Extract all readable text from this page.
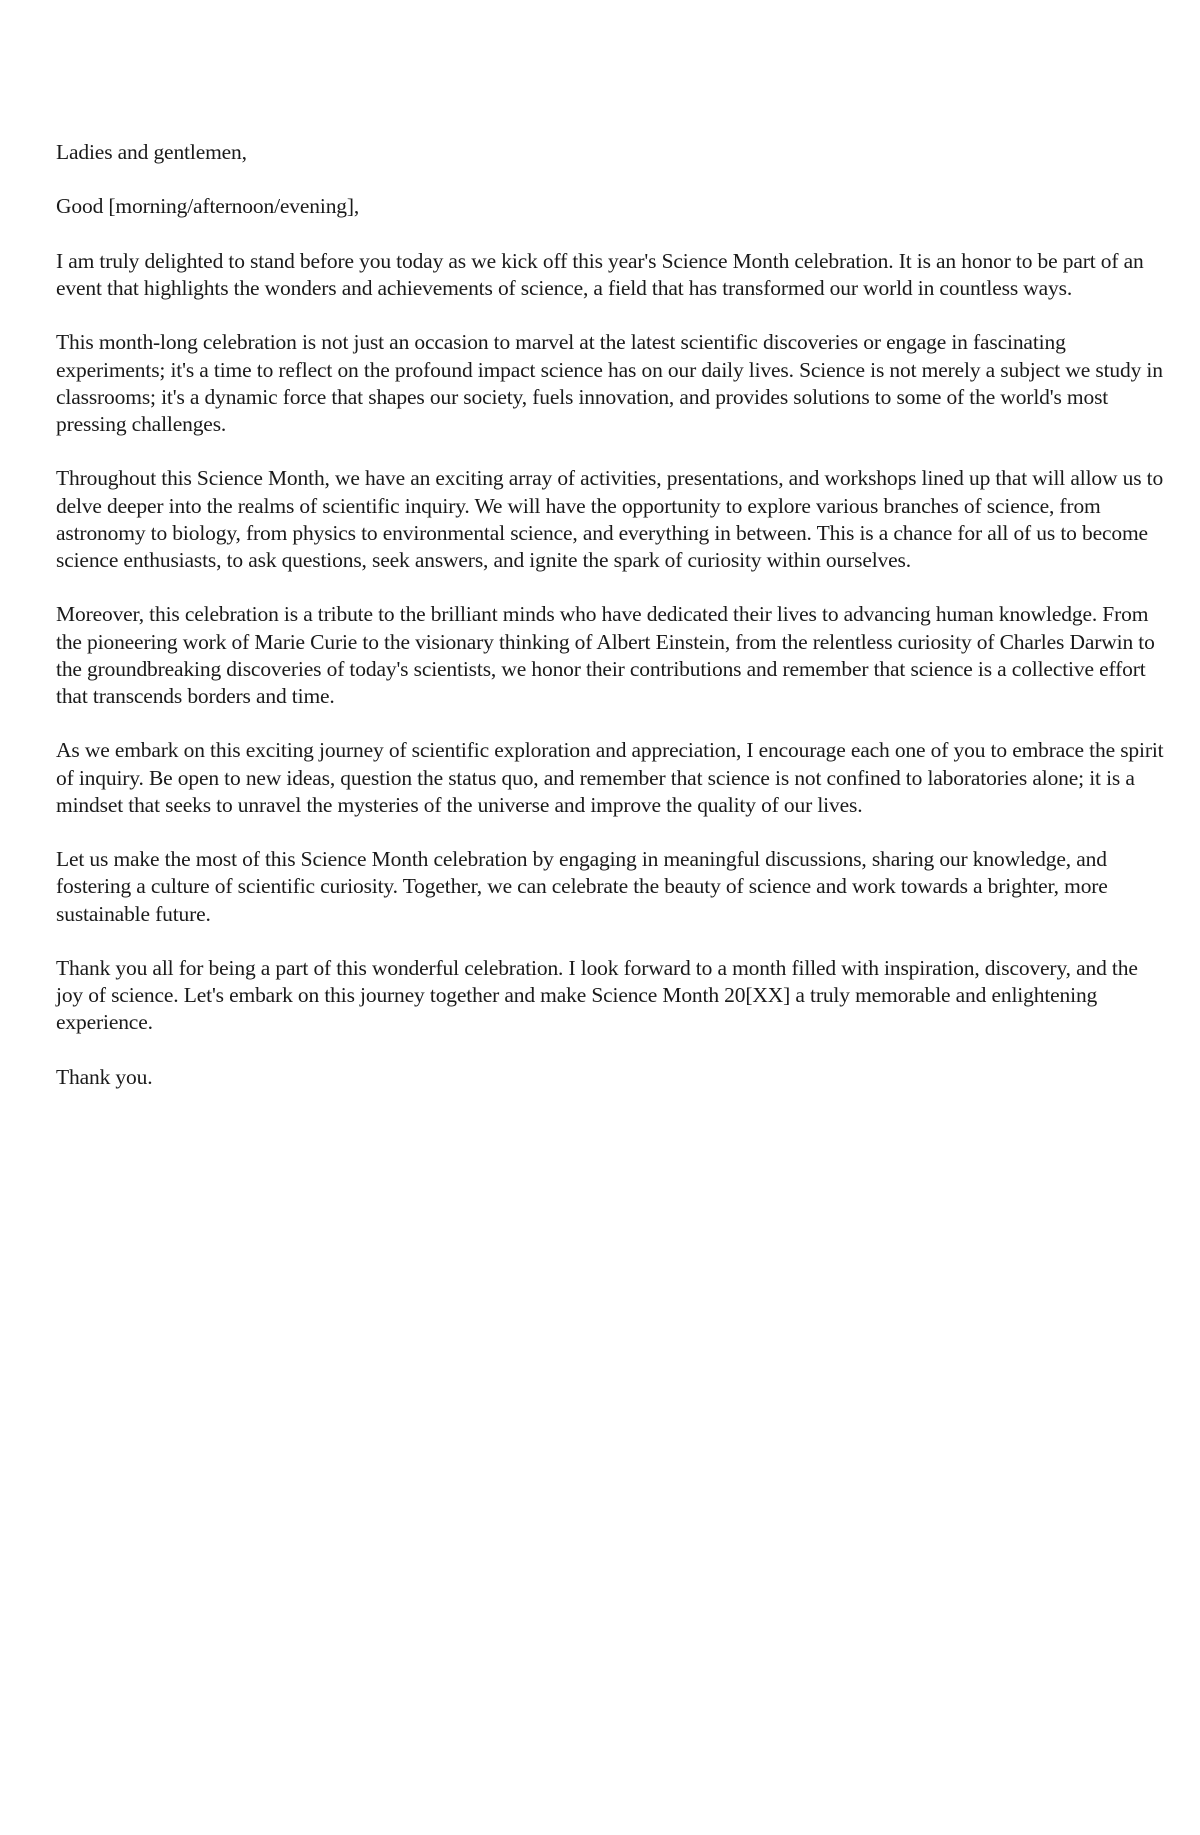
Ladies and gentlemen,

Good [morning/afternoon/evening],

I am truly delighted to stand before you today as we kick off this year's Science Month celebration. It is an honor to be part of an event that highlights the wonders and achievements of science, a field that has transformed our world in countless ways.

This month-long celebration is not just an occasion to marvel at the latest scientific discoveries or engage in fascinating experiments; it's a time to reflect on the profound impact science has on our daily lives. Science is not merely a subject we study in classrooms; it's a dynamic force that shapes our society, fuels innovation, and provides solutions to some of the world's most pressing challenges.

Throughout this Science Month, we have an exciting array of activities, presentations, and workshops lined up that will allow us to delve deeper into the realms of scientific inquiry. We will have the opportunity to explore various branches of science, from astronomy to biology, from physics to environmental science, and everything in between. This is a chance for all of us to become science enthusiasts, to ask questions, seek answers, and ignite the spark of curiosity within ourselves.

Moreover, this celebration is a tribute to the brilliant minds who have dedicated their lives to advancing human knowledge. From the pioneering work of Marie Curie to the visionary thinking of Albert Einstein, from the relentless curiosity of Charles Darwin to the groundbreaking discoveries of today's scientists, we honor their contributions and remember that science is a collective effort that transcends borders and time.

As we embark on this exciting journey of scientific exploration and appreciation, I encourage each one of you to embrace the spirit of inquiry. Be open to new ideas, question the status quo, and remember that science is not confined to laboratories alone; it is a mindset that seeks to unravel the mysteries of the universe and improve the quality of our lives.

Let us make the most of this Science Month celebration by engaging in meaningful discussions, sharing our knowledge, and fostering a culture of scientific curiosity. Together, we can celebrate the beauty of science and work towards a brighter, more sustainable future.

Thank you all for being a part of this wonderful celebration. I look forward to a month filled with inspiration, discovery, and the joy of science. Let's embark on this journey together and make Science Month 20[XX] a truly memorable and enlightening experience.

Thank you.
